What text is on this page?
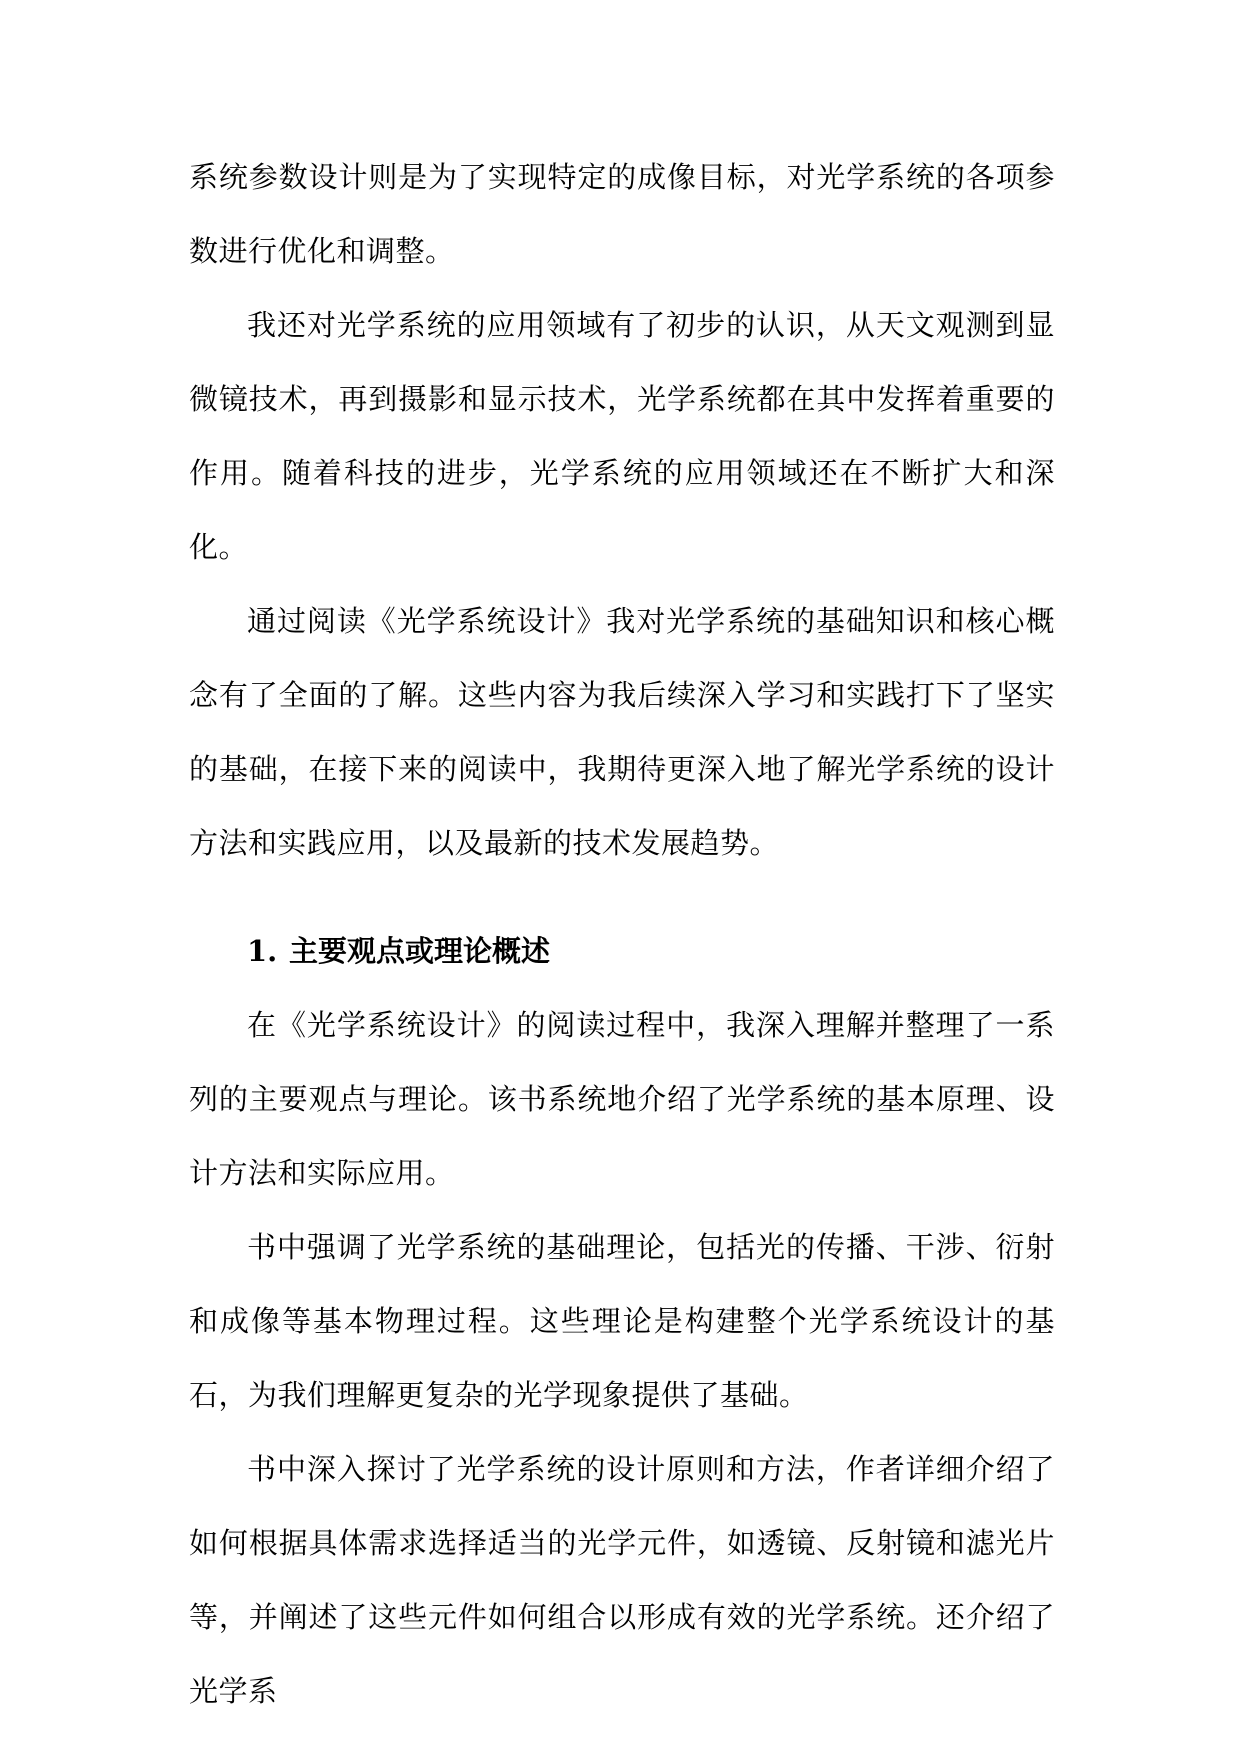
系统参数设计则是为了实现特定的成像目标，对光学系统的各项参数进行优化和调整。

我还对光学系统的应用领域有了初步的认识，从天文观测到显微镜技术，再到摄影和显示技术，光学系统都在其中发挥着重要的作用。随着科技的进步，光学系统的应用领域还在不断扩大和深化。

通过阅读《光学系统设计》我对光学系统的基础知识和核心概念有了全面的了解。这些内容为我后续深入学习和实践打下了坚实的基础，在接下来的阅读中，我期待更深入地了解光学系统的设计方法和实践应用，以及最新的技术发展趋势。

1. 主要观点或理论概述

在《光学系统设计》的阅读过程中，我深入理解并整理了一系列的主要观点与理论。该书系统地介绍了光学系统的基本原理、设计方法和实际应用。

书中强调了光学系统的基础理论，包括光的传播、干涉、衍射和成像等基本物理过程。这些理论是构建整个光学系统设计的基石，为我们理解更复杂的光学现象提供了基础。

书中深入探讨了光学系统的设计原则和方法，作者详细介绍了如何根据具体需求选择适当的光学元件，如透镜、反射镜和滤光片等，并阐述了这些元件如何组合以形成有效的光学系统。还介绍了光学系
